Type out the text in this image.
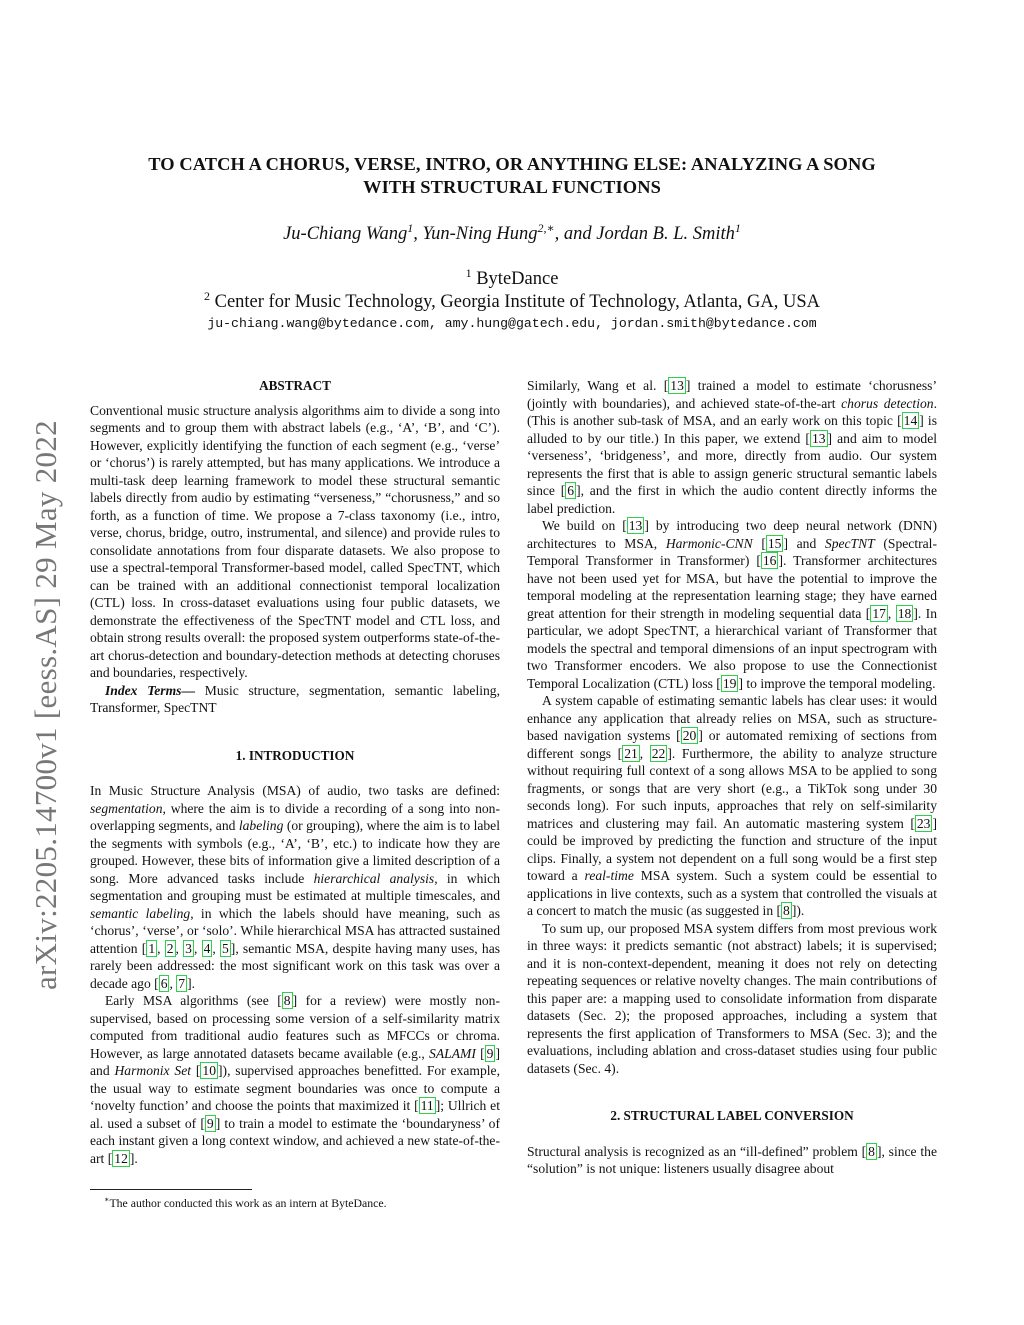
arXiv:2205.14700v1 [eess.AS] 29 May 2022
TO CATCH A CHORUS, VERSE, INTRO, OR ANYTHING ELSE: ANALYZING A SONG
WITH STRUCTURAL FUNCTIONS
Ju-Chiang Wang$^1$, Yun-Ning Hung$^{2,∗}$, and Jordan B. L. Smith$^1$
$^1$ ByteDance
$^2$ Center for Music Technology, Georgia Institute of Technology, Atlanta, GA, USA
ju-chiang.wang@bytedance.com, amy.hung@gatech.edu, jordan.smith@bytedance.com
ABSTRACT

Conventional music structure analysis algorithms aim to divide a song into segments and to group them with abstract labels (e.g., ‘A’, ‘B’, and ‘C’). However, explicitly identifying the function of each segment (e.g., ‘verse’ or ‘chorus’) is rarely attempted, but has many applications. We introduce a multi-task deep learning framework to model these structural semantic labels directly from audio by estimating “verseness,” “chorusness,” and so forth, as a function of time. We propose a 7-class taxonomy (i.e., intro, verse, chorus, bridge, outro, instrumental, and silence) and provide rules to consolidate annotations from four disparate datasets. We also propose to use a spectral-temporal Transformer-based model, called SpecTNT, which can be trained with an additional connectionist temporal localization (CTL) loss. In cross-dataset evaluations using four public datasets, we demonstrate the effectiveness of the SpecTNT model and CTL loss, and obtain strong results overall: the proposed system outperforms state-of-the-art chorus-detection and boundary-detection methods at detecting choruses and boundaries, respectively.

Index Terms— Music structure, segmentation, semantic labeling, Transformer, SpecTNT

1. INTRODUCTION

In Music Structure Analysis (MSA) of audio, two tasks are defined: segmentation, where the aim is to divide a recording of a song into non-overlapping segments, and labeling (or grouping), where the aim is to label the segments with symbols (e.g., ‘A’, ‘B’, etc.) to indicate how they are grouped. However, these bits of information give a limited description of a song. More advanced tasks include hierarchical analysis, in which segmentation and grouping must be estimated at multiple timescales, and semantic labeling, in which the labels should have meaning, such as ‘chorus’, ‘verse’, or ‘solo’. While hierarchical MSA has attracted sustained attention [ 1 , 2 , 3 , 4 , 5 ], semantic MSA, despite having many uses, has rarely been addressed: the most significant work on this task was over a decade ago [ 6 , 7 ].

Early MSA algorithms (see [ 8 ] for a review) were mostly non-supervised, based on processing some version of a self-similarity matrix computed from traditional audio features such as MFCCs or chroma. However, as large annotated datasets became available (e.g., SALAMI [ 9 ] and Harmonix Set [ 10 ]), supervised approaches benefitted. For example, the usual way to estimate segment boundaries was once to compute a ‘novelty function’ and choose the points that maximized it [ 11 ]; Ullrich et al. used a subset of [ 9 ] to train a model to estimate the ‘boundaryness’ of each instant given a long context window, and achieved a new state-of-the-art [ 12 ].

∗The author conducted this work as an intern at ByteDance.

Similarly, Wang et al. [ 13 ] trained a model to estimate ‘chorusness’ (jointly with boundaries), and achieved state-of-the-art chorus detection. (This is another sub-task of MSA, and an early work on this topic [ 14 ] is alluded to by our title.) In this paper, we extend [ 13 ] and aim to model ‘verseness’, ‘bridgeness’, and more, directly from audio. Our system represents the first that is able to assign generic structural semantic labels since [ 6 ], and the first in which the audio content directly informs the label prediction.

We build on [ 13 ] by introducing two deep neural network (DNN) architectures to MSA, Harmonic-CNN [ 15 ] and SpecTNT (Spectral-Temporal Transformer in Transformer) [ 16 ]. Transformer architectures have not been used yet for MSA, but have the potential to improve the temporal modeling at the representation learning stage; they have earned great attention for their strength in modeling sequential data [ 17 , 18 ]. In particular, we adopt SpecTNT, a hierarchical variant of Transformer that models the spectral and temporal dimensions of an input spectrogram with two Transformer encoders. We also propose to use the Connectionist Temporal Localization (CTL) loss [ 19 ] to improve the temporal modeling.

A system capable of estimating semantic labels has clear uses: it would enhance any application that already relies on MSA, such as structure-based navigation systems [ 20 ] or automated remixing of sections from different songs [ 21 , 22 ]. Furthermore, the ability to analyze structure without requiring full context of a song allows MSA to be applied to song fragments, or songs that are very short (e.g., a TikTok song under 30 seconds long). For such inputs, approaches that rely on self-similarity matrices and clustering may fail. An automatic mastering system [ 23 ] could be improved by predicting the function and structure of the input clips. Finally, a system not dependent on a full song would be a first step toward a real-time MSA system. Such a system could be essential to applications in live contexts, such as a system that controlled the visuals at a concert to match the music (as suggested in [ 8 ]).

To sum up, our proposed MSA system differs from most previous work in three ways: it predicts semantic (not abstract) labels; it is supervised; and it is non-context-dependent, meaning it does not rely on detecting repeating sequences or relative novelty changes. The main contributions of this paper are: a mapping used to consolidate information from disparate datasets (Sec. 2); the proposed approaches, including a system that represents the first application of Transformers to MSA (Sec. 3); and the evaluations, including ablation and cross-dataset studies using four public datasets (Sec. 4).

2. STRUCTURAL LABEL CONVERSION

Structural analysis is recognized as an “ill-defined” problem [ 8 ], since the “solution” is not unique: listeners usually disagree about
